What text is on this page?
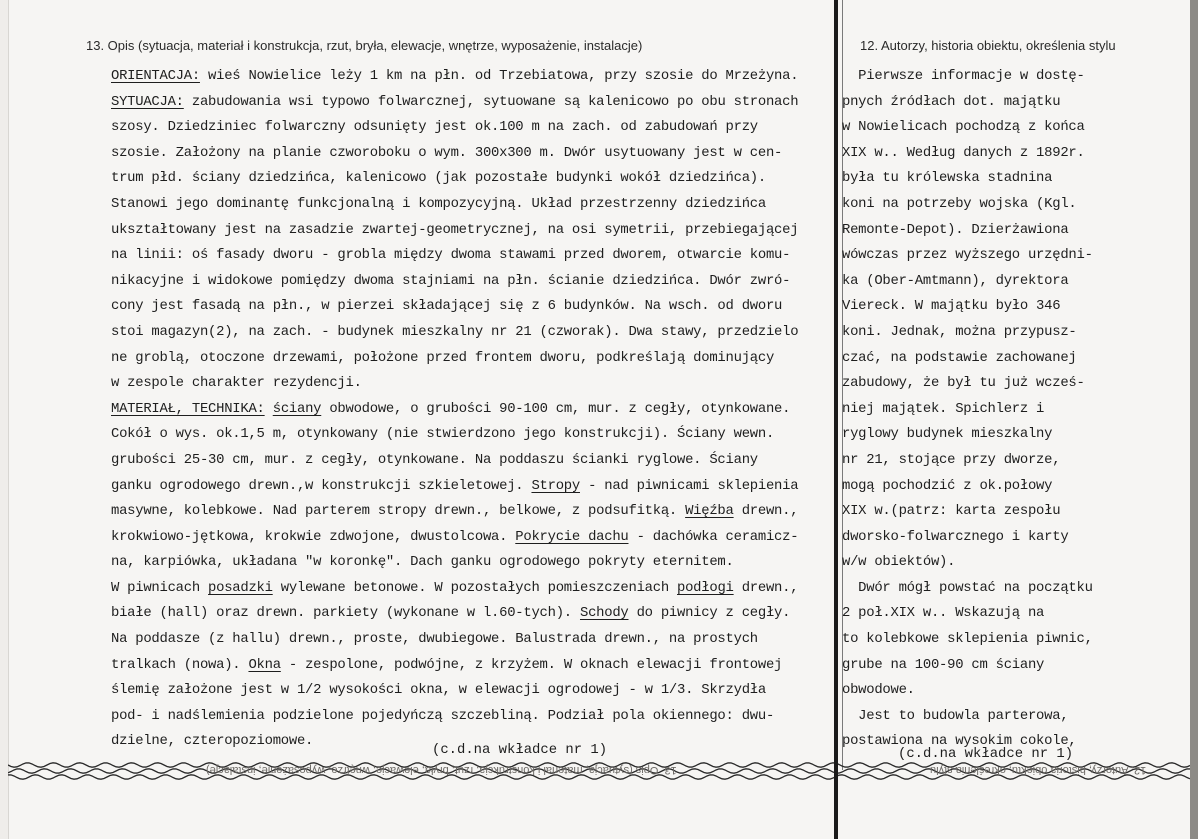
13. Opis (sytuacja, materiał i konstrukcja, rzut, bryła, elewacje, wnętrze, wyposażenie, instalacje)	12. Autorzy, historia obiektu, określenia stylu
ORIENTACJA: wieś Nowielice leży 1 km na płn. od Trzebiatowa, przy szosie do Mrzeżyna.
SYTUACJA: zabudowania wsi typowo folwarcznej, sytuowane są kalenicowo po obu stronach
szosy. Dziedziniec folwarczny odsunięty jest ok.100 m na zach. od zabudowań przy
szosie. Założony na planie czworoboku o wym. 300x300 m. Dwór usytuowany jest w cen-
trum płd. ściany dziedzińca, kalenicowo (jak pozostałe budynki wokół dziedzińca).
Stanowi jego dominantę funkcjonalną i kompozycyjną. Układ przestrzenny dziedzińca
ukształtowany jest na zasadzie zwartej-geometrycznej, na osi symetrii, przebiegającej
na linii: oś fasady dworu - grobla między dwoma stawami przed dworem, otwarcie komu-
nikacyjne i widokowe pomiędzy dwoma stajniami na płn. ścianie dziedzińca. Dwór zwró-
cony jest fasadą na płn., w pierzei składającej się z 6 budynków. Na wsch. od dworu
stoi magazyn(2), na zach. - budynek mieszkalny nr 21 (czworak). Dwa stawy, przedzielo
ne groblą, otoczone drzewami, położone przed frontem dworu, podkreślają dominujący
w zespole charakter rezydencji.
MATERIAŁ, TECHNIKA: ściany obwodowe, o grubości 90-100 cm, mur. z cegły, otynkowane.
Cokół o wys. ok.1,5 m, otynkowany (nie stwierdzono jego konstrukcji). Ściany wewn.
grubości 25-30 cm, mur. z cegły, otynkowane. Na poddaszu ścianki ryglowe. Ściany
ganku ogrodowego drewn.,w konstrukcji szkieletowej. Stropy - nad piwnicami sklepienia
masywne, kolebkowe. Nad parterem stropy drewn., belkowe, z podsufitką. Więźba drewn.,
krokwiowo-jętkowa, krokwie zdwojone, dwustolcowa. Pokrycie dachu - dachówka ceramicz-
na, karpiówka, układana "w koronkę". Dach ganku ogrodowego pokryty eternitem.
W piwnicach posadzki wylewane betonowe. W pozostałych pomieszczeniach podłogi drewn.,
białe (hall) oraz drewn. parkiety (wykonane w l.60-tych). Schody do piwnicy z cegły.
Na poddasze (z hallu) drewn., proste, dwubiegowe. Balustrada drewn., na prostych
tralkach (nowa). Okna - zespolone, podwójne, z krzyżem. W oknach elewacji frontowej
ślemię założone jest w 1/2 wysokości okna, w elewacji ogrodowej - w 1/3. Skrzydła
pod- i nadślemienia podzielone pojedyńczą szczebliną. Podział pola okiennego: dwu-
dzielne, czteropoziomowe.
Pierwsze informacje w dostę-
pnych źródłach dot. majątku
w Nowielicach pochodzą z końca
XIX w.. Według danych z 1892r.
była tu królewska stadnina
koni na potrzeby wojska (Kgl.
Remonte-Depot). Dzierżawiona
wówczas przez wyższego urzędni-
ka (Ober-Amtmann), dyrektora
Viereck. W majątku było 346
koni. Jednak, można przypusz-
czać, na podstawie zachowanej
zabudowy, że był tu już wcześ-
niej majątek. Spichlerz i
ryglowy budynek mieszkalny
nr 21, stojące przy dworze,
mogą pochodzić z ok.połowy
XIX w.(patrz: karta zespołu
dworsko-folwarcznego i karty
w/w obiektów).
Dwór mógł powstać na początku
2 poł.XIX w.. Wskazują na
to kolebkowe sklepienia piwnic,
grube na 100-90 cm ściany
obwodowe.
Jest to budowla parterowa,
postawiona na wysokim cokole,
(c.d.na wkładce nr 1)	(c.d.na wkładce nr 1)
13. Opis (sytuacja, materiał i konstrukcja, rzut, bryła, elewacje, wnętrze, wyposażenie, instalacje)	12. Autorzy, historia obiektu, określenia stylu
